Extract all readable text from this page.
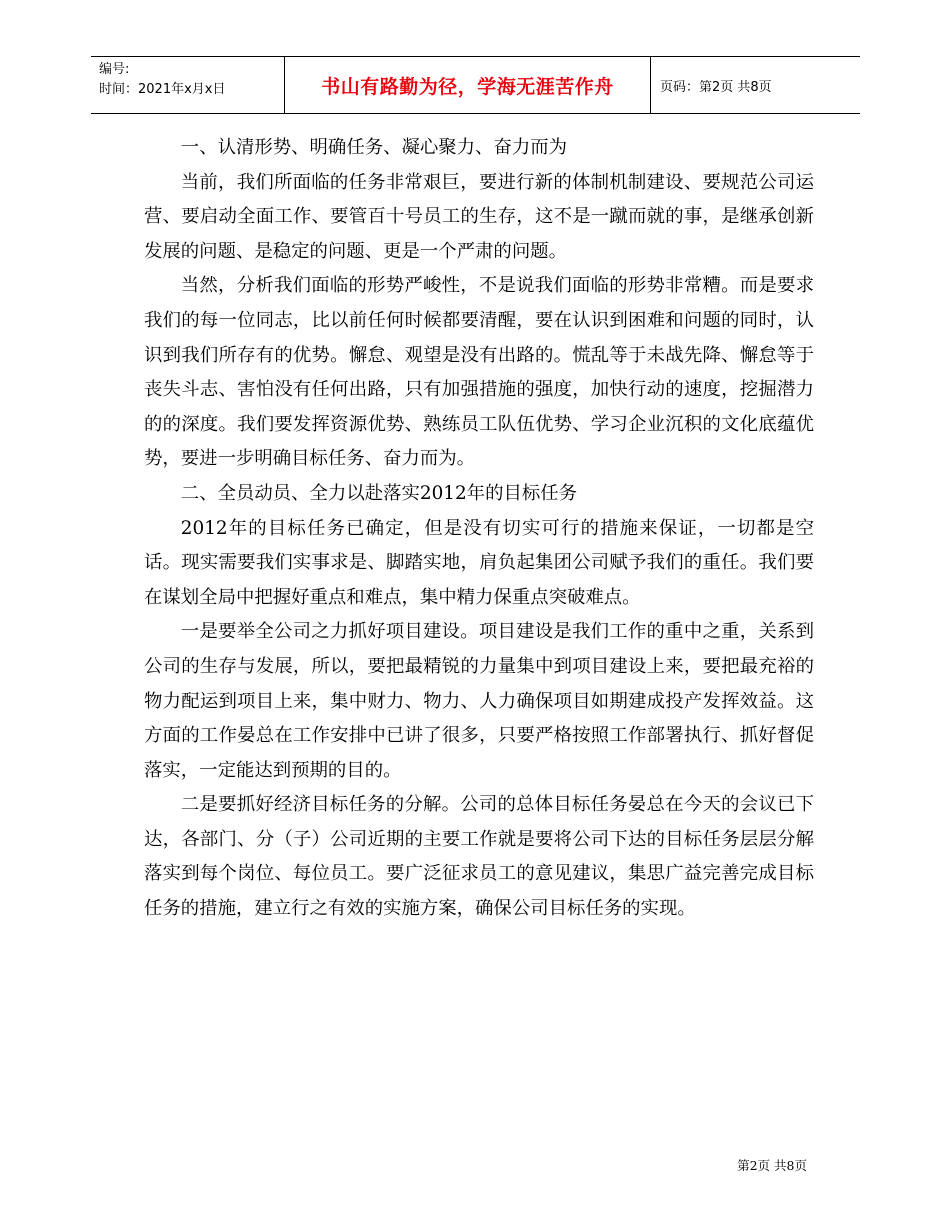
编号:
时间：2021年x月x日	书山有路勤为径，学海无涯苦作舟	页码：第2页 共8页

一、认清形势、明确任务、凝心聚力、奋力而为

当前，我们所面临的任务非常艰巨，要进行新的体制机制建设、要规范公司运营、要启动全面工作、要管百十号员工的生存，这不是一蹴而就的事，是继承创新发展的问题、是稳定的问题、更是一个严肃的问题。

当然，分析我们面临的形势严峻性，不是说我们面临的形势非常糟。而是要求我们的每一位同志，比以前任何时候都要清醒，要在认识到困难和问题的同时，认识到我们所存有的优势。懈怠、观望是没有出路的。慌乱等于未战先降、懈怠等于丧失斗志、害怕没有任何出路，只有加强措施的强度，加快行动的速度，挖掘潜力的的深度。我们要发挥资源优势、熟练员工队伍优势、学习企业沉积的文化底蕴优势，要进一步明确目标任务、奋力而为。

二、全员动员、全力以赴落实2012年的目标任务

2012年的目标任务已确定，但是没有切实可行的措施来保证，一切都是空话。现实需要我们实事求是、脚踏实地，肩负起集团公司赋予我们的重任。我们要在谋划全局中把握好重点和难点，集中精力保重点突破难点。

一是要举全公司之力抓好项目建设。项目建设是我们工作的重中之重，关系到公司的生存与发展，所以，要把最精锐的力量集中到项目建设上来，要把最充裕的物力配运到项目上来，集中财力、物力、人力确保项目如期建成投产发挥效益。这方面的工作晏总在工作安排中已讲了很多，只要严格按照工作部署执行、抓好督促落实，一定能达到预期的目的。

二是要抓好经济目标任务的分解。公司的总体目标任务晏总在今天的会议已下达，各部门、分（子）公司近期的主要工作就是要将公司下达的目标任务层层分解落实到每个岗位、每位员工。要广泛征求员工的意见建议，集思广益完善完成目标任务的措施，建立行之有效的实施方案，确保公司目标任务的实现。

第2页 共8页
